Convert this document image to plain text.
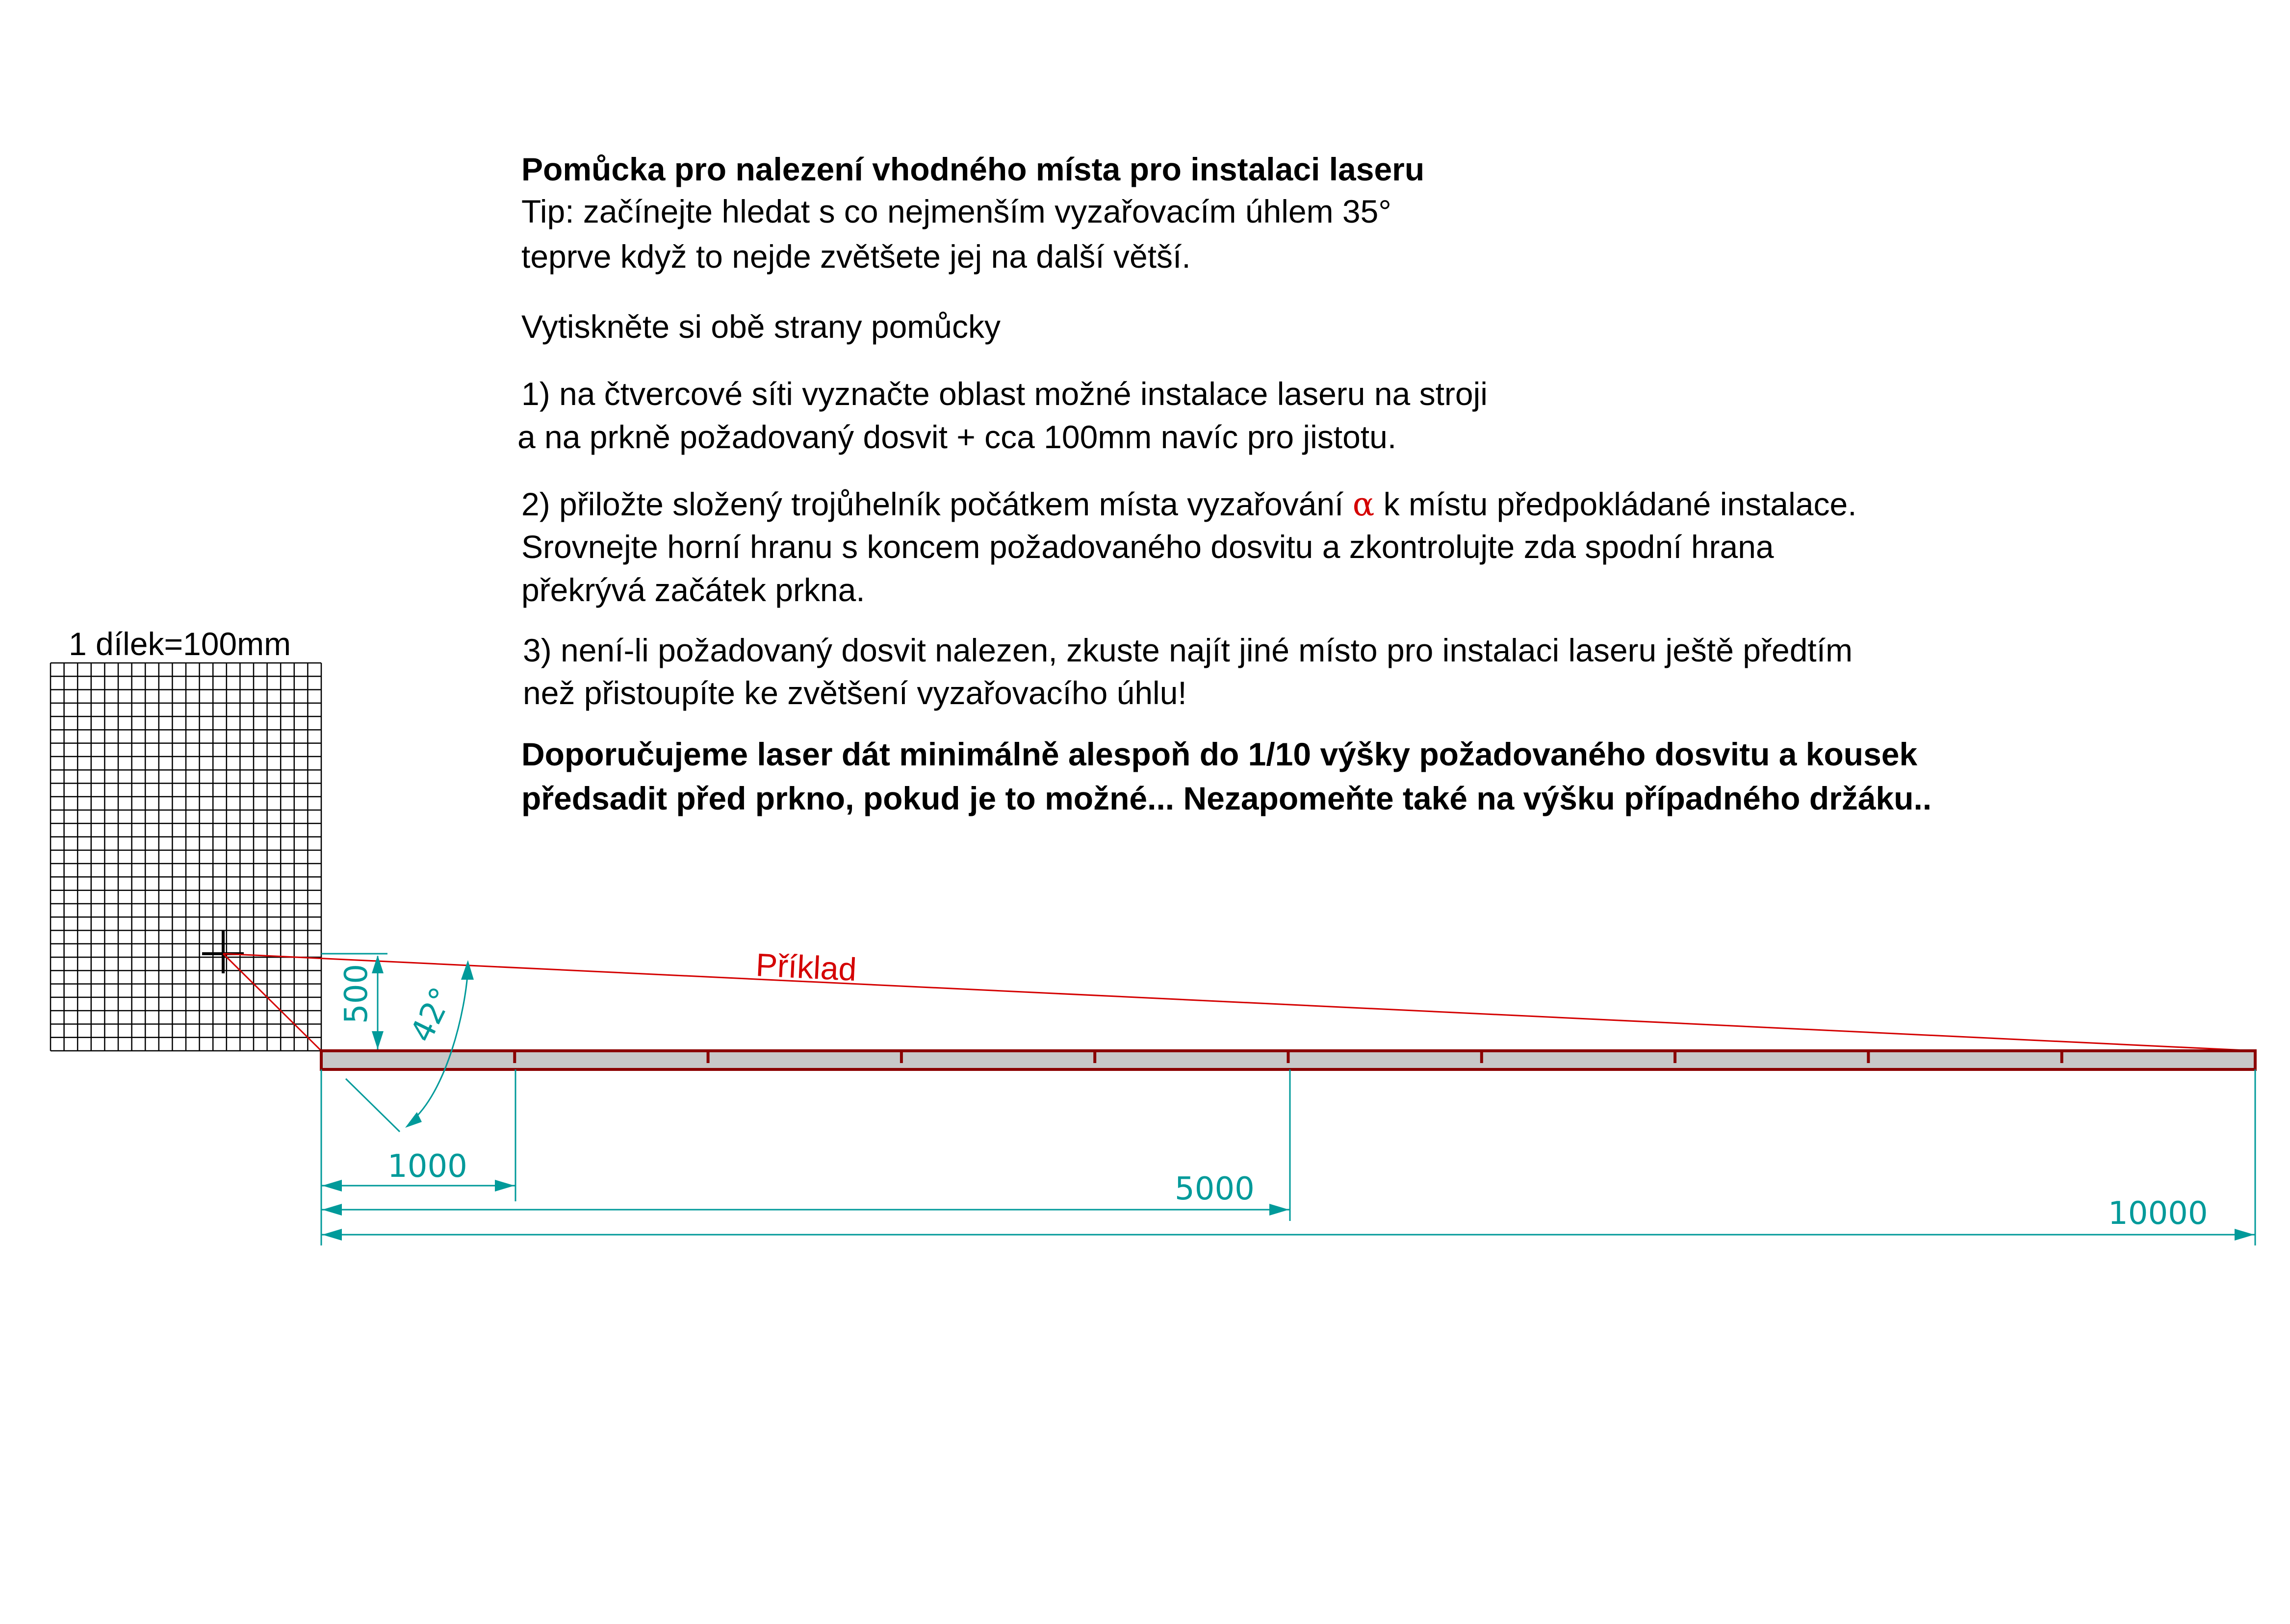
Pomůcka pro nalezení vhodného místa pro instalaci laseru
Tip: začínejte hledat s co nejmenším vyzařovacím úhlem 35°
teprve když to nejde zvětšete jej na další větší.
Vytiskněte si obě strany pomůcky
1) na čtvercové síti vyznačte oblast možné instalace laseru na stroji
a na prkně požadovaný dosvit + cca 100mm navíc pro jistotu.
2) přiložte složený trojůhelník počátkem místa vyzařování α k místu předpokládané instalace.
Srovnejte horní hranu s koncem požadovaného dosvitu a zkontrolujte zda spodní hrana
překrývá začátek prkna.
3) není-li požadovaný dosvit nalezen, zkuste najít jiné místo pro instalaci laseru ještě předtím
než přistoupíte ke zvětšení vyzařovacího úhlu!
Doporučujeme laser dát minimálně alespoň do 1/10 výšky požadovaného dosvitu a kousek
předsadit před prkno, pokud je to možné... Nezapomeňte také na výšku případného držáku..
1 dílek=100mm
Příklad
500 42°
1000
5000
10000
